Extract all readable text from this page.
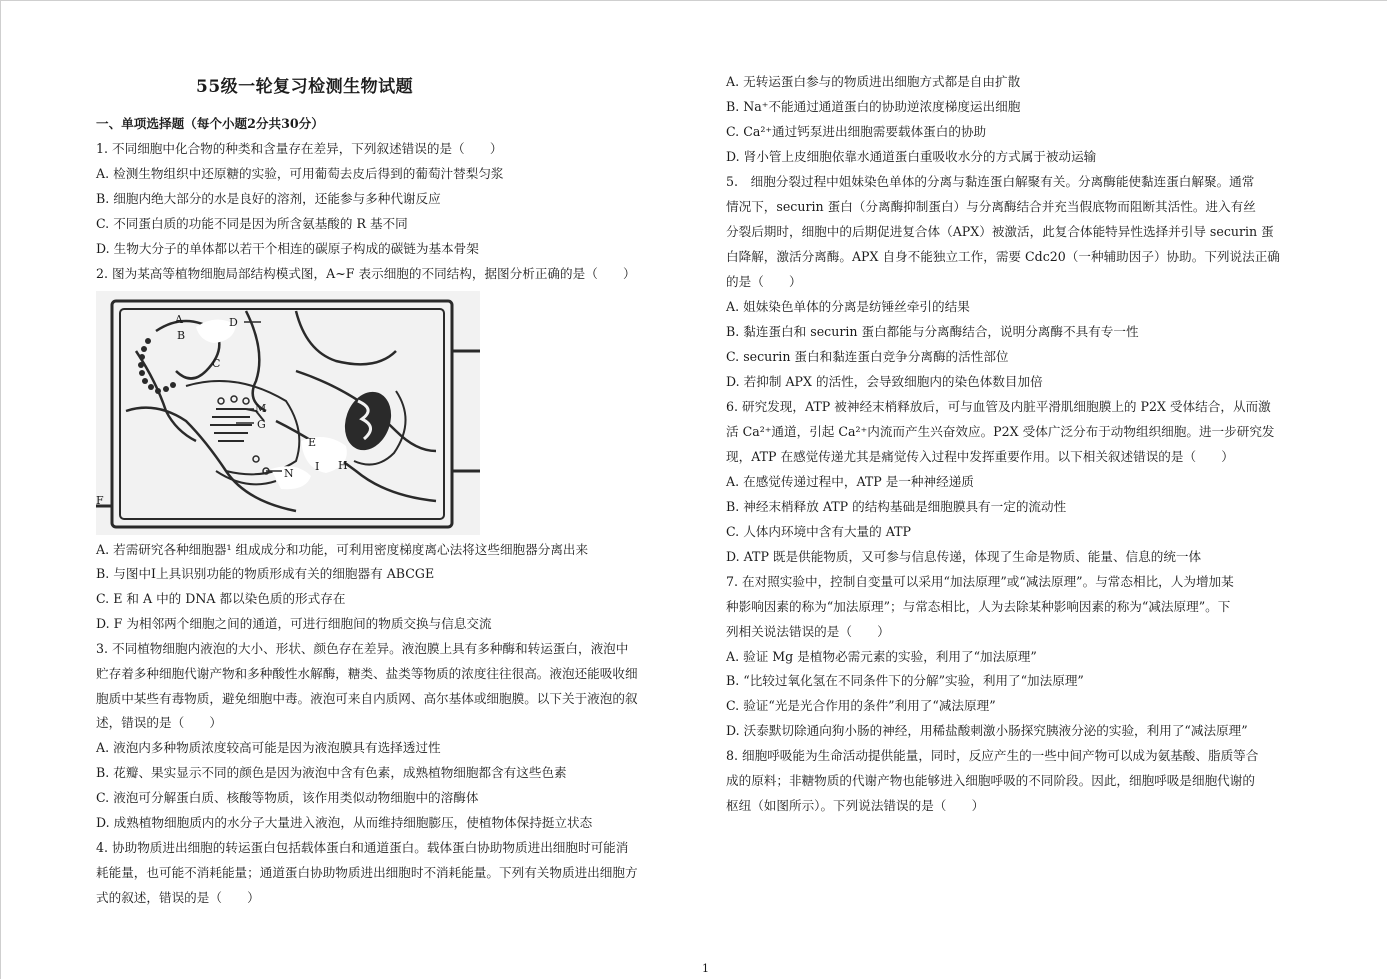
55级一轮复习检测生物试题
一、单项选择题（每个小题2分共30分）
1. 不同细胞中化合物的种类和含量存在差异，下列叙述错误的是（　　）
A. 检测生物组织中还原糖的实验，可用葡萄去皮后得到的葡萄汁替梨匀浆
B. 细胞内绝大部分的水是良好的溶剂，还能参与多种代谢反应
C. 不同蛋白质的功能不同是因为所含氨基酸的 R 基不同
D. 生物大分子的单体都以若干个相连的碳原子构成的碳链为基本骨架
2. 图为某高等植物细胞局部结构模式图，A~F 表示细胞的不同结构，据图分析正确的是（　　）
A. 若需研究各种细胞器¹ 组成成分和功能，可利用密度梯度离心法将这些细胞器分离出来
B. 与图中Ⅰ上具识别功能的物质形成有关的细胞器有 ABCGE
C. E 和 A 中的 DNA 都以染色质的形式存在
D. F 为相邻两个细胞之间的通道，可进行细胞间的物质交换与信息交流
3. 不同植物细胞内液泡的大小、形状、颜色存在差异。液泡膜上具有多种酶和转运蛋白，液泡中
贮存着多种细胞代谢产物和多种酸性水解酶，糖类、盐类等物质的浓度往往很高。液泡还能吸收细
胞质中某些有毒物质，避免细胞中毒。液泡可来自内质网、高尔基体或细胞膜。以下关于液泡的叙
述，错误的是（　　）
A. 液泡内多种物质浓度较高可能是因为液泡膜具有选择透过性
B. 花瓣、果实显示不同的颜色是因为液泡中含有色素，成熟植物细胞都含有这些色素
C. 液泡可分解蛋白质、核酸等物质，该作用类似动物细胞中的溶酶体
D. 成熟植物细胞质内的水分子大量进入液泡，从而维持细胞膨压，使植物体保持挺立状态
4. 协助物质进出细胞的转运蛋白包括载体蛋白和通道蛋白。载体蛋白协助物质进出细胞时可能消
耗能量，也可能不消耗能量；通道蛋白协助物质进出细胞时不消耗能量。下列有关物质进出细胞方
式的叙述，错误的是（　　）
A
B
C
D
M
G
E
N
I H
F
A. 无转运蛋白参与的物质进出细胞方式都是自由扩散
B. Na⁺不能通过通道蛋白的协助逆浓度梯度运出细胞
C. Ca²⁺通过钙泵进出细胞需要载体蛋白的协助
D. 肾小管上皮细胞依靠水通道蛋白重吸收水分的方式属于被动运输
5.　细胞分裂过程中姐妹染色单体的分离与黏连蛋白解聚有关。分离酶能使黏连蛋白解聚。通常
情况下，securin 蛋白（分离酶抑制蛋白）与分离酶结合并充当假底物而阻断其活性。进入有丝
分裂后期时，细胞中的后期促进复合体（APX）被激活，此复合体能特异性选择并引导 securin 蛋
白降解，激活分离酶。APX 自身不能独立工作，需要 Cdc20（一种辅助因子）协助。下列说法正确
的是（　　）
A. 姐妹染色单体的分离是纺锤丝牵引的结果
B. 黏连蛋白和 securin 蛋白都能与分离酶结合，说明分离酶不具有专一性
C. securin 蛋白和黏连蛋白竞争分离酶的活性部位
D. 若抑制 APX 的活性，会导致细胞内的染色体数目加倍
6. 研究发现，ATP 被神经末梢释放后，可与血管及内脏平滑肌细胞膜上的 P2X 受体结合，从而激
活 Ca²⁺通道，引起 Ca²⁺内流而产生兴奋效应。P2X 受体广泛分布于动物组织细胞。进一步研究发
现，ATP 在感觉传递尤其是痛觉传入过程中发挥重要作用。以下相关叙述错误的是（　　）
A. 在感觉传递过程中，ATP 是一种神经递质
B. 神经末梢释放 ATP 的结构基础是细胞膜具有一定的流动性
C. 人体内环境中含有大量的 ATP
D. ATP 既是供能物质，又可参与信息传递，体现了生命是物质、能量、信息的统一体
7. 在对照实验中，控制自变量可以采用“加法原理”或“减法原理”。与常态相比，人为增加某
种影响因素的称为“加法原理”；与常态相比，人为去除某种影响因素的称为“减法原理”。下
列相关说法错误的是（　　）
A. 验证 Mg 是植物必需元素的实验，利用了“加法原理”
B. “比较过氧化氢在不同条件下的分解”实验，利用了“加法原理”
C. 验证“光是光合作用的条件”利用了“减法原理”
D. 沃泰默切除通向狗小肠的神经，用稀盐酸刺激小肠探究胰液分泌的实验，利用了“减法原理”
8. 细胞呼吸能为生命活动提供能量，同时，反应产生的一些中间产物可以成为氨基酸、脂质等合
成的原料；非糖物质的代谢产物也能够进入细胞呼吸的不同阶段。因此，细胞呼吸是细胞代谢的
枢纽（如图所示）。下列说法错误的是（　　）
1
